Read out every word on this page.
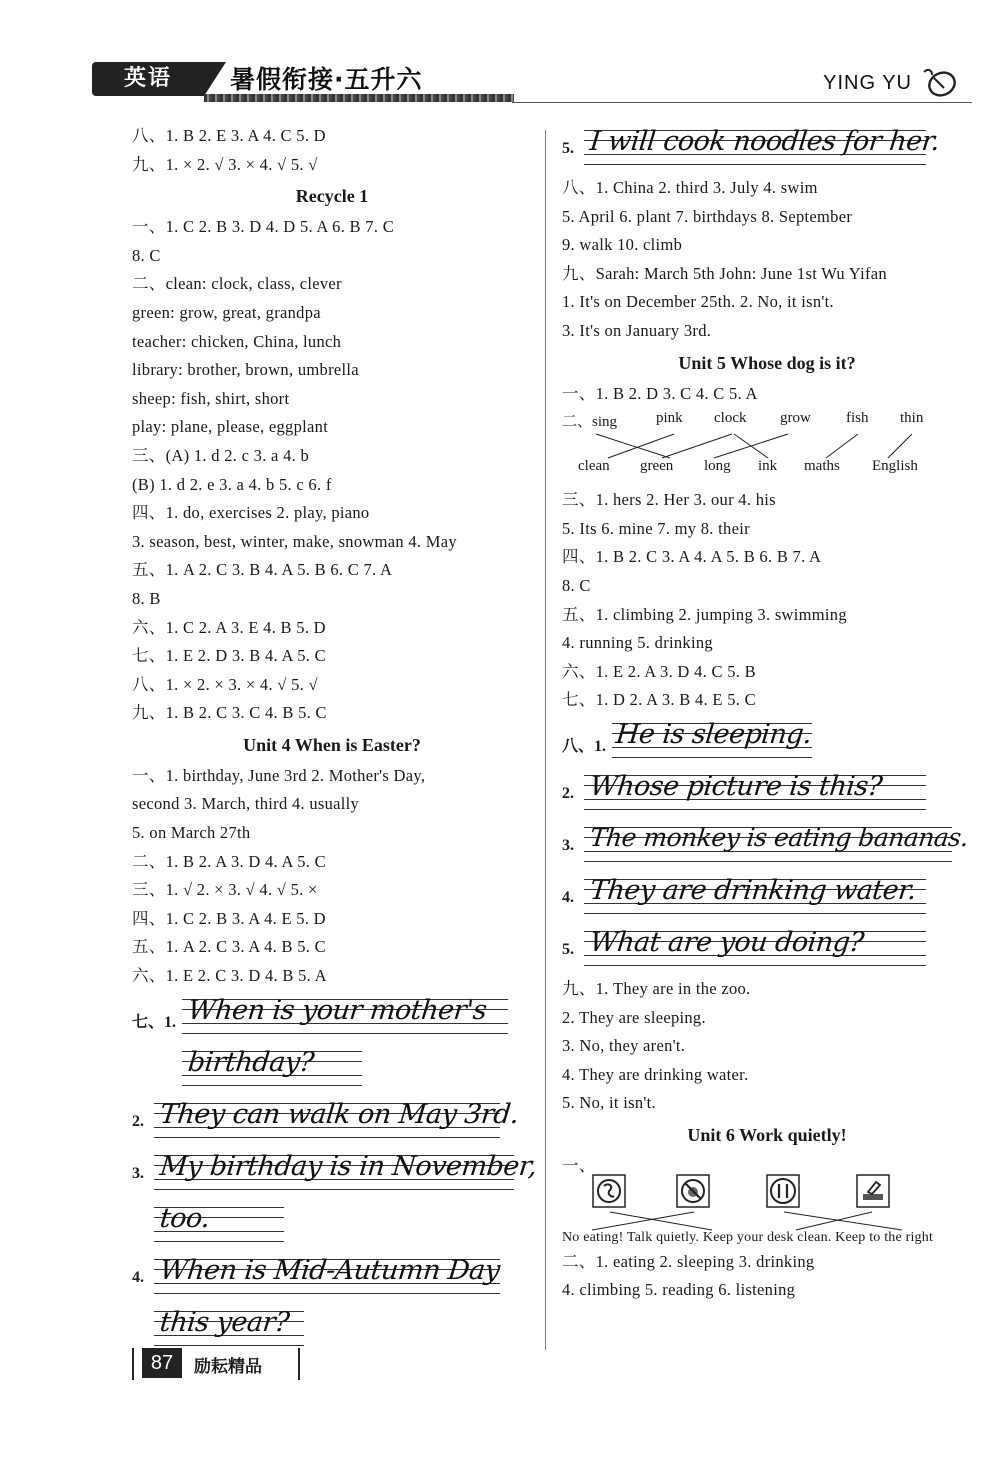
英语	暑假衔接·五升六	YING YU
八、1. B 2. E 3. A 4. C 5. D
九、1. × 2. √ 3. × 4. √ 5. √
Recycle 1
一、1. C 2. B 3. D 4. D 5. A 6. B 7. C
8. C
二、clean: clock, class, clever
green: grow, great, grandpa
teacher: chicken, China, lunch
library: brother, brown, umbrella
sheep: fish, shirt, short
play: plane, please, eggplant
三、(A) 1. d 2. c 3. a 4. b
(B) 1. d 2. e 3. a 4. b 5. c 6. f
四、1. do, exercises 2. play, piano
3. season, best, winter, make, snowman 4. May
五、1. A 2. C 3. B 4. A 5. B 6. C 7. A
8. B
六、1. C 2. A 3. E 4. B 5. D
七、1. E 2. D 3. B 4. A 5. C
八、1. × 2. × 3. × 4. √ 5. √
九、1. B 2. C 3. C 4. B 5. C
Unit 4 When is Easter?
一、1. birthday, June 3rd 2. Mother's Day,
second 3. March, third 4. usually
5. on March 27th
二、1. B 2. A 3. D 4. A 5. C
三、1. √ 2. × 3. √ 4. √ 5. ×
四、1. C 2. B 3. A 4. E 5. D
五、1. A 2. C 3. A 4. B 5. C
六、1. E 2. C 3. D 4. B 5. A
七、1. When is your mother's
birthday?
2. They can walk on May 3rd.
3. My birthday is in November,
too.
4. When is Mid-Autumn Day
this year?
5. I will cook noodles for her.
八、1. China 2. third 3. July 4. swim
5. April 6. plant 7. birthdays 8. September
9. walk 10. climb
九、Sarah: March 5th John: June 1st Wu Yifan
1. It's on December 25th. 2. No, it isn't.
3. It's on January 3rd.
Unit 5 Whose dog is it?
一、1. B 2. D 3. C 4. C 5. A
二、sing	pink clock grow fish thin
clean green long ink maths English
三、1. hers 2. Her 3. our 4. his
5. Its 6. mine 7. my 8. their
四、1. B 2. C 3. A 4. A 5. B 6. B 7. A
8. C
五、1. climbing 2. jumping 3. swimming
4. running 5. drinking
六、1. E 2. A 3. D 4. C 5. B
七、1. D 2. A 3. B 4. E 5. C
八、1. He is sleeping.
2. Whose picture is this?
3. The monkey is eating bananas.
4. They are drinking water.
5. What are you doing?
九、1. They are in the zoo.
2. They are sleeping.
3. No, they aren't.
4. They are drinking water.
5. No, it isn't.
Unit 6 Work quietly!
一、
No eating! Talk quietly. Keep your desk clean. Keep to the right
二、1. eating 2. sleeping 3. drinking
4. climbing 5. reading 6. listening
87	励耘精品
